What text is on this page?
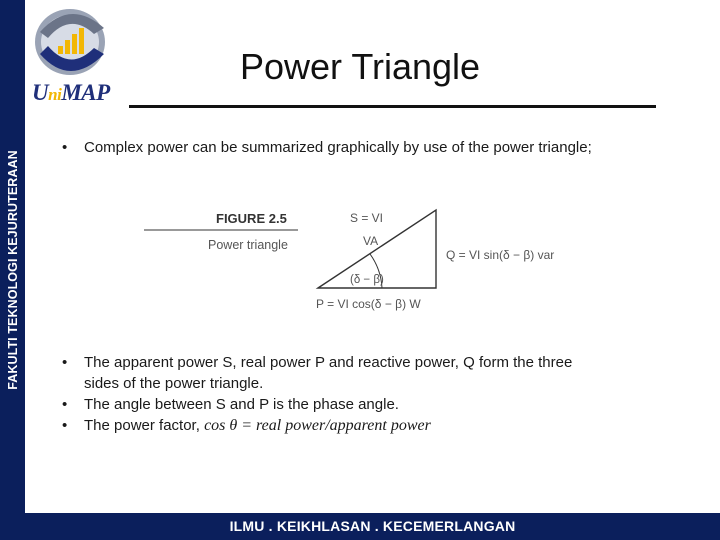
FAKULTI TEKNOLOGI KEJURUTERAAN
UniMAP
Power Triangle
• Complex power can be summarized graphically by use of the power triangle;
FIGURE 2.5
Power triangle
S = VI
VA
(δ − β)
Q = VI sin(δ − β) var
P = VI cos(δ − β) W
• The apparent power S, real power P and reactive power, Q form the three
sides of the power triangle.
• The angle between S and P is the phase angle.
• The power factor, cos θ = real power/apparent power
ILMU . KEIKHLASAN . KECEMERLANGAN
